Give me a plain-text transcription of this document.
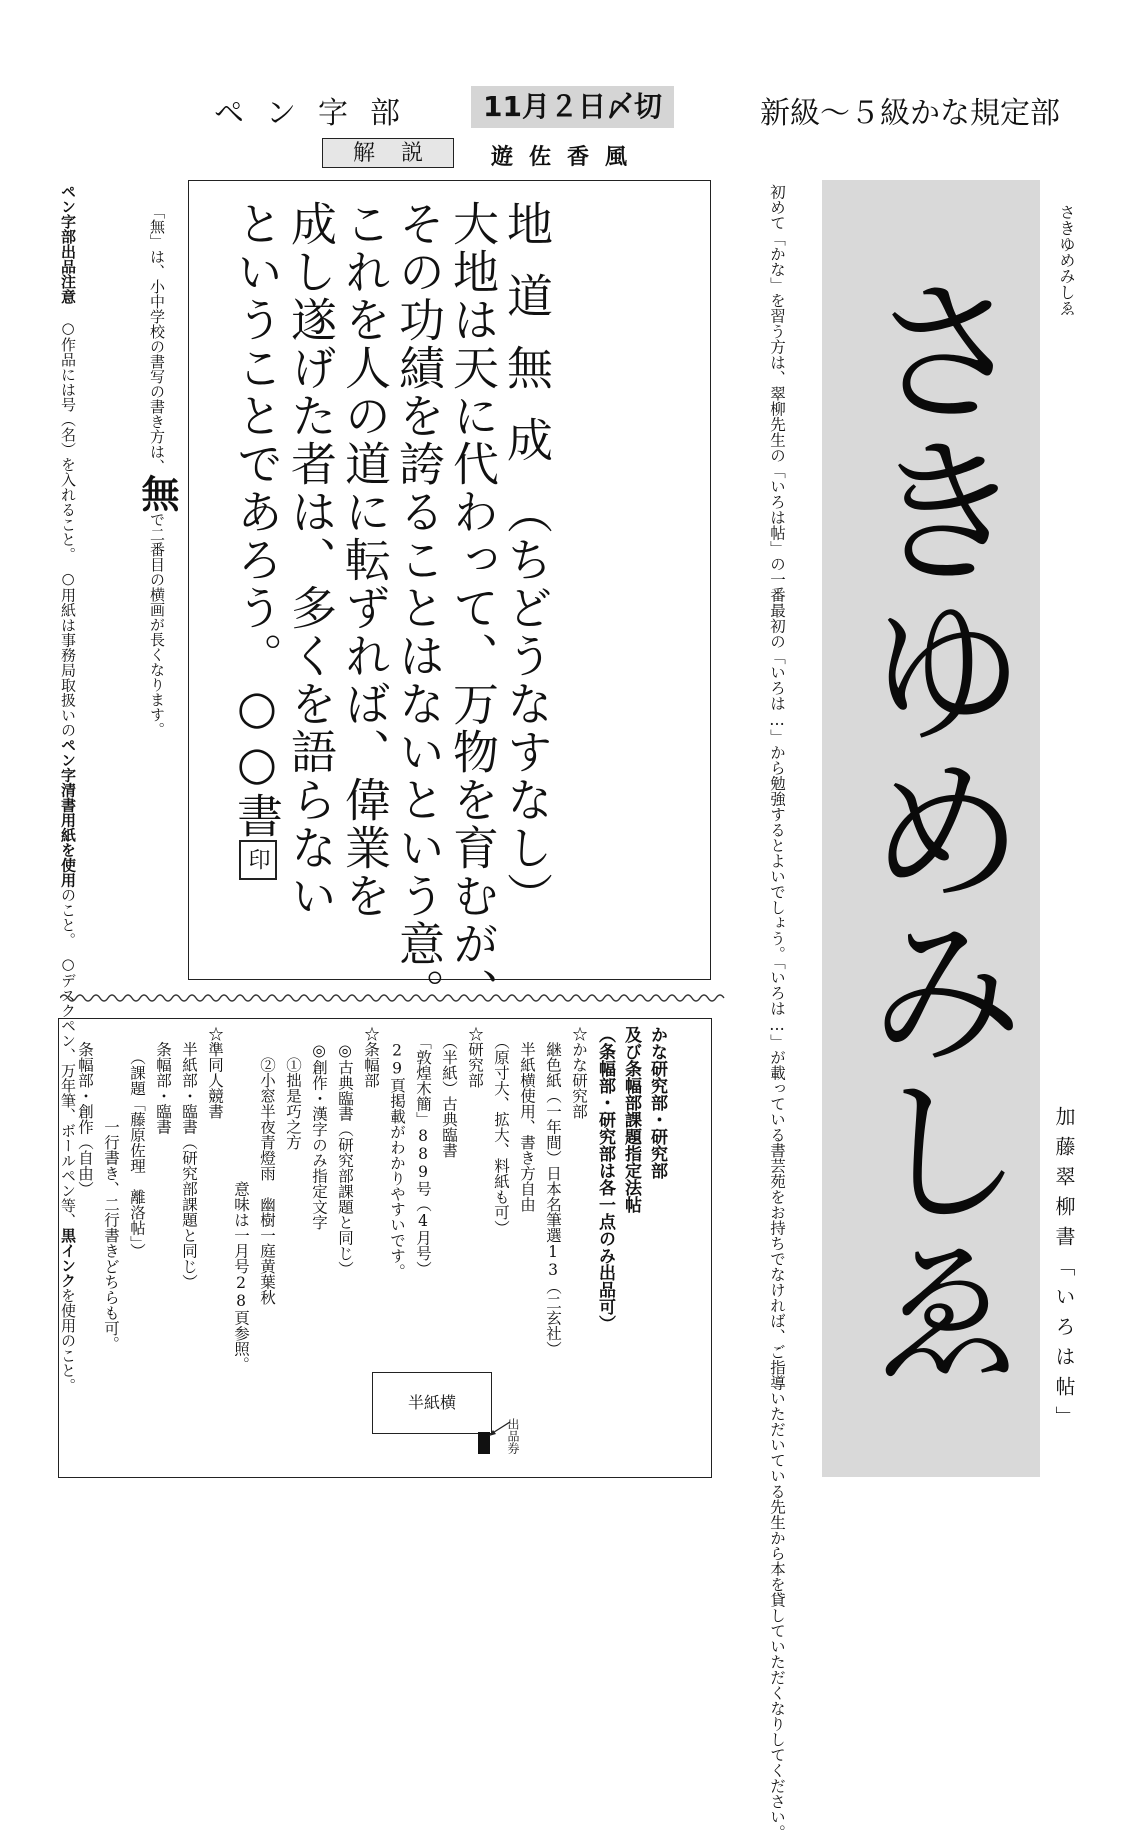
ペン字部	11月２日〆切	新級〜５級かな規定部
解説 遊佐香風
ペン字部出品注意　○作品には号（名）を入れること。　○用紙は事務局取扱いのペン字清書用紙を使用のこと。　○デスクペン、万年筆、ボールペン等、黒インクを使用のこと。
「無」は、小中学校の書写の書き方は、無で二番目の横画が長くなります。
地道無成（ちどうなすなし）
大地は天に代わって、万物を育むが、
その功績を誇ることはないという意。
これを人の道に転ずれば、偉業を
成し遂げた者は、多くを語らない
ということであろう。○○書印
かな研究部・研究部
及び条幅部課題指定法帖
（条幅部・研究部は各一点のみ出品可）
☆かな研究部
　継色紙（一年間）日本名筆選13（二玄社）
　半紙横使用、書き方自由
　（原寸大、拡大、料紙も可）
☆研究部
　（半紙）古典臨書
　「敦煌木簡」889号（4月号）
　29頁掲載がわかりやすいです。
☆条幅部
　◎古典臨書（研究部課題と同じ）
　◎創作・漢字のみ指定文字
　　①拙是巧之方
　　②小窓半夜青燈雨　幽樹一庭黄葉秋
　　　　　　　　　　意味は一月号28頁参照。
☆準同人競書
　半紙部・臨書（研究部課題と同じ）
　条幅部・臨書
　　（課題「藤原佐理　離洛帖」）
　　　　　　一行書き、二行書きどちらも可。
　条幅部・創作（自由）
半紙横
出品券	初めて「かな」を習う方は、翠柳先生の「いろは帖」の一番最初の「いろは…」から勉強するとよいでしょう。「いろは…」が載っている書芸苑をお持ちでなければ、ご指導いただいている先生から本を貸していただくなりしてください。 さきゆめみしゑ
さきゆめみしゑ
加藤翠柳書「いろは帖」
